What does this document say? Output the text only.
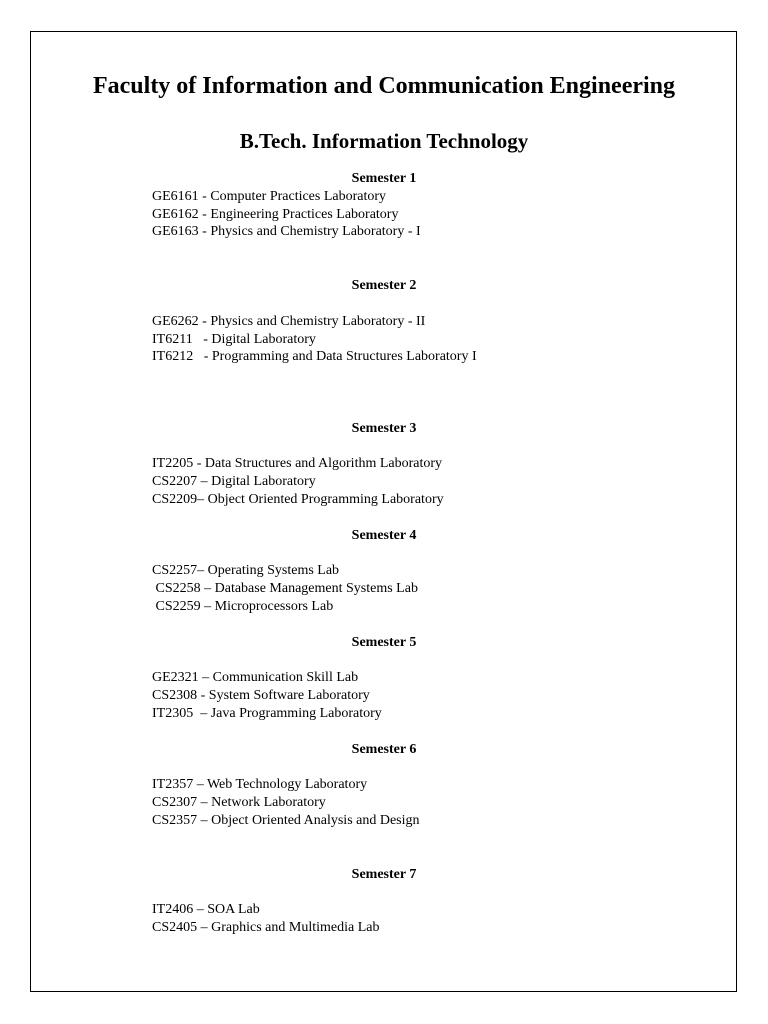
Faculty of Information and Communication Engineering
B.Tech. Information Technology
Semester 1
GE6161 - Computer Practices Laboratory
GE6162 - Engineering Practices Laboratory
GE6163 - Physics and Chemistry Laboratory - I
Semester 2
GE6262 - Physics and Chemistry Laboratory - II
IT6211   - Digital Laboratory
IT6212   - Programming and Data Structures Laboratory I
Semester 3
IT2205 - Data Structures and Algorithm Laboratory
CS2207 – Digital Laboratory
CS2209– Object Oriented Programming Laboratory
Semester 4
CS2257– Operating Systems Lab
CS2258 – Database Management Systems Lab
CS2259 – Microprocessors Lab
Semester 5
GE2321 – Communication Skill Lab
CS2308 - System Software Laboratory
IT2305  – Java Programming Laboratory
Semester 6
IT2357 – Web Technology Laboratory
CS2307 – Network Laboratory
CS2357 – Object Oriented Analysis and Design
Semester 7
IT2406 – SOA Lab
CS2405 – Graphics and Multimedia Lab
